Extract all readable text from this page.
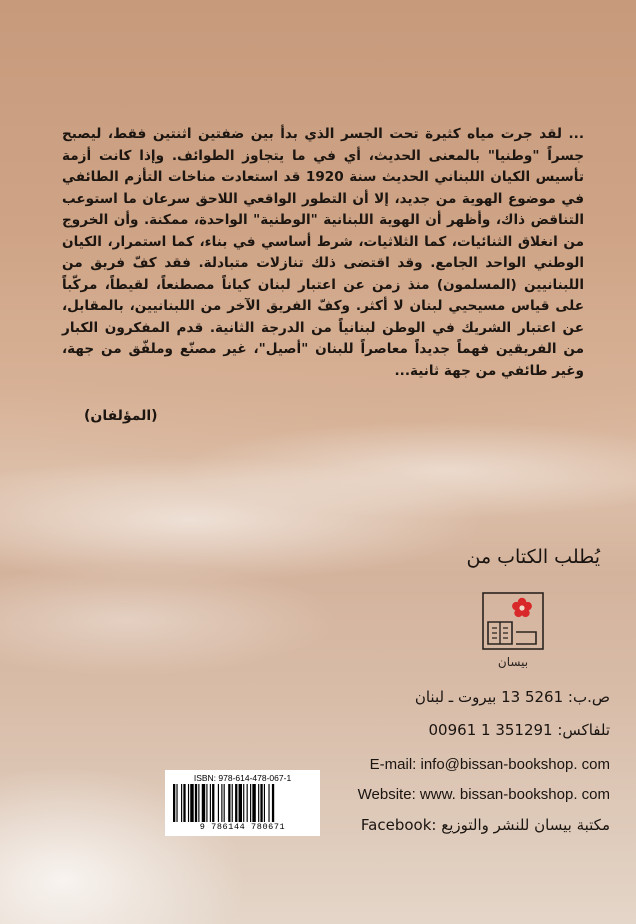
... لقد جرت مياه كثيرة تحت الجسر الذي بدأ بين ضفتين اثنتين فقط، ليصبح جسراً "وطنيا" بالمعنى الحديث، أي في ما يتجاوز الطوائف. وإذا كانت أزمة تأسيس الكيان اللبناني الحديث سنة 1920 قد استعادت مناخات التأزم الطائفي في موضوع الهوية من جديد، إلا أن التطور الواقعي اللاحق سرعان ما استوعب التناقض ذاك، وأظهر أن الهوية اللبنانية "الوطنية" الواحدة، ممكنة. وأن الخروج من انغلاق الثنائيات، كما الثلاثيات، شرط أساسي في بناء، كما استمرار، الكيان الوطني الواحد الجامع. وقد اقتضى ذلك تنازلات متبادلة. فقد كفّ فريق من اللبنانيين (المسلمون) منذ زمن عن اعتبار لبنان كياناً مصطنعاً، لقيطاً، مركّباً على قياس مسيحيي لبنان لا أكثر. وكفّ الفريق الآخر من اللبنانيين، بالمقابل، عن اعتبار الشريك في الوطن لبنانياً من الدرجة الثانية. قدم المفكرون الكبار من الفريقين فهماً جديداً معاصراً للبنان "أصيل"، غير مصنّع وملفّق من جهة، وغير طائفي من جهة ثانية...

(المؤلفان)
يُطلب الكتاب من
بيسان
ص.ب: 5261 13 بيروت ـ لبنان
تلفاكس: 351291 1 00961
E-mail: info@bissan-bookshop. com
Website: www. bissan-bookshop. com
مكتبة بيسان للنشر والتوزيع :Facebook
ISBN: 978-614-478-067-1
9 786144 780671
